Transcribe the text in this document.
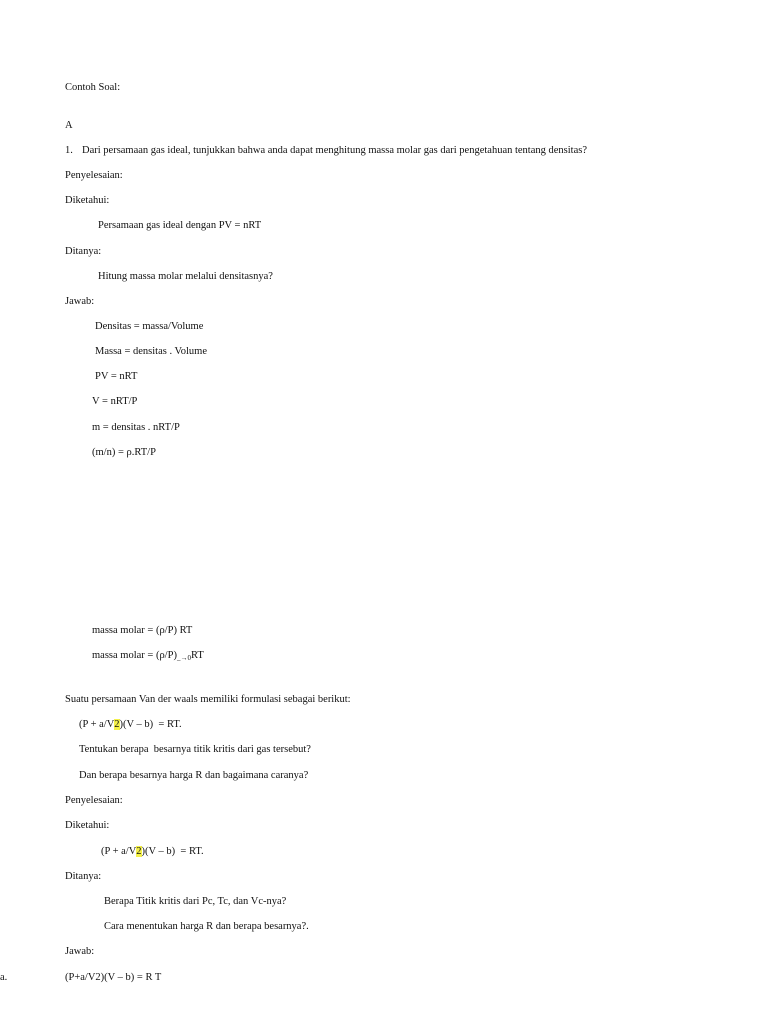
Contoh Soal:
A
1. Dari persamaan gas ideal, tunjukkan bahwa anda dapat menghitung massa molar gas dari pengetahuan tentang densitas?
Penyelesaian:
Diketahui:
Persamaan gas ideal dengan PV = nRT
Ditanya:
Hitung massa molar melalui densitasnya?
Jawab:
Densitas = massa/Volume
Massa = densitas . Volume
PV = nRT
V = nRT/P
m = densitas . nRT/P
(m/n) = ρ.RT/P
massa molar = (ρ/P) RT
massa molar = $(\rho/P)_{\_\to 0}RT$
Suatu persamaan Van der waals memiliki formulasi sebagai berikut:
(P + a/V2)(V – b)  = RT.
Tentukan berapa  besarnya titik kritis dari gas tersebut?
Dan berapa besarnya harga R dan bagaimana caranya?
Penyelesaian:
Diketahui:
(P + a/V2)(V – b)  = RT.
Ditanya:
Berapa Titik kritis dari Pc, Tc, dan Vc-nya?
Cara menentukan harga R dan berapa besarnya?.
Jawab:
a.	(P+a/V2)(V – b) = R T
